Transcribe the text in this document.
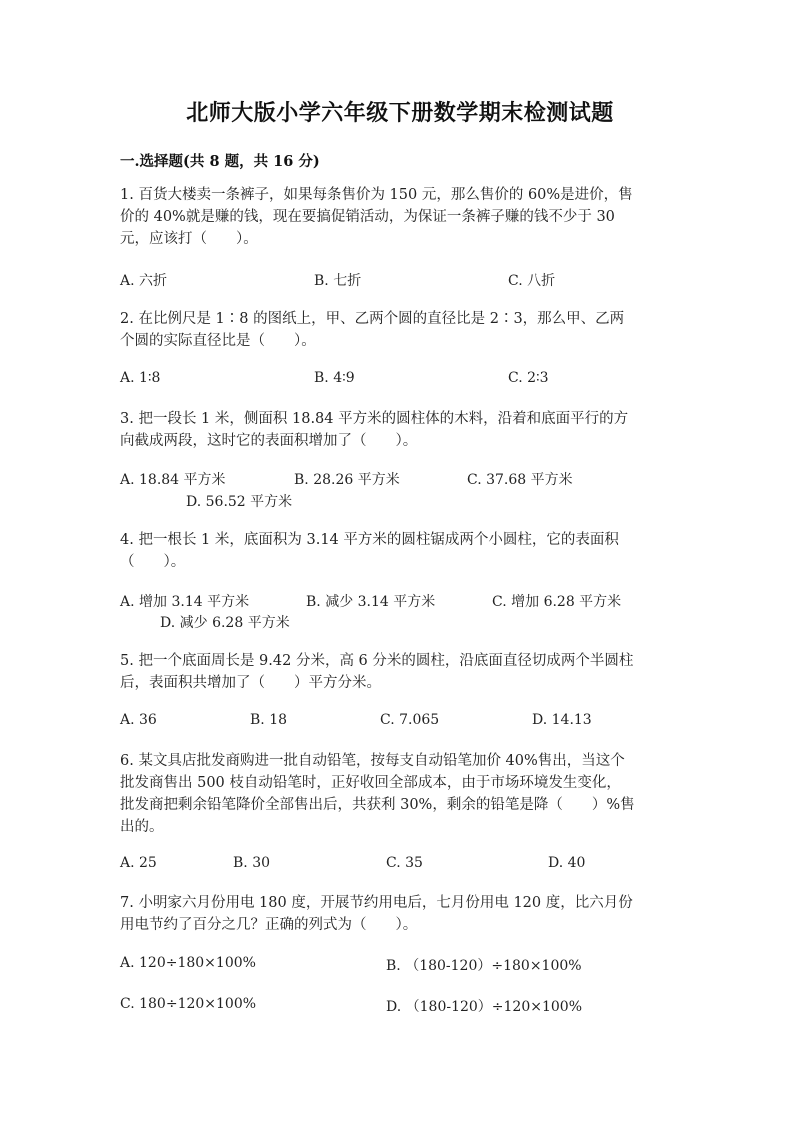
北师大版小学六年级下册数学期末检测试题
一.选择题(共 8 题，共 16 分)
1. 百货大楼卖一条裤子，如果每条售价为 150 元，那么售价的 60%是进价，售
价的 40%就是赚的钱，现在要搞促销活动，为保证一条裤子赚的钱不少于 30
元，应该打（　　）。
A. 六折	B. 七折	C. 八折
2. 在比例尺是 1∶8 的图纸上，甲、乙两个圆的直径比是 2∶3，那么甲、乙两
个圆的实际直径比是（　　）。
A. 1∶8	B. 4∶9	C. 2∶3
3. 把一段长 1 米，侧面积 18.84 平方米的圆柱体的木料，沿着和底面平行的方
向截成两段，这时它的表面积增加了（　　）。
A. 18.84 平方米	B. 28.26 平方米	C. 37.68 平方米
D. 56.52 平方米
4. 把一根长 1 米，底面积为 3.14 平方米的圆柱锯成两个小圆柱，它的表面积
（　　）。
A. 增加 3.14 平方米	B. 减少 3.14 平方米	C. 增加 6.28 平方米
D. 减少 6.28 平方米
5. 把一个底面周长是 9.42 分米，高 6 分米的圆柱，沿底面直径切成两个半圆柱
后，表面积共增加了（　　）平方分米。
A. 36	B. 18	C. 7.065	D. 14.13
6. 某文具店批发商购进一批自动铅笔，按每支自动铅笔加价 40%售出，当这个
批发商售出 500 枝自动铅笔时，正好收回全部成本，由于市场环境发生变化，
批发商把剩余铅笔降价全部售出后，共获利 30%，剩余的铅笔是降（　　）%售
出的。
A. 25	B. 30	C. 35	D. 40
7. 小明家六月份用电 180 度，开展节约用电后，七月份用电 120 度，比六月份
用电节约了百分之几？正确的列式为（　　）。
A. 120÷180×100%	B. （180-120）÷180×100%
C. 180÷120×100%	D. （180-120）÷120×100%
